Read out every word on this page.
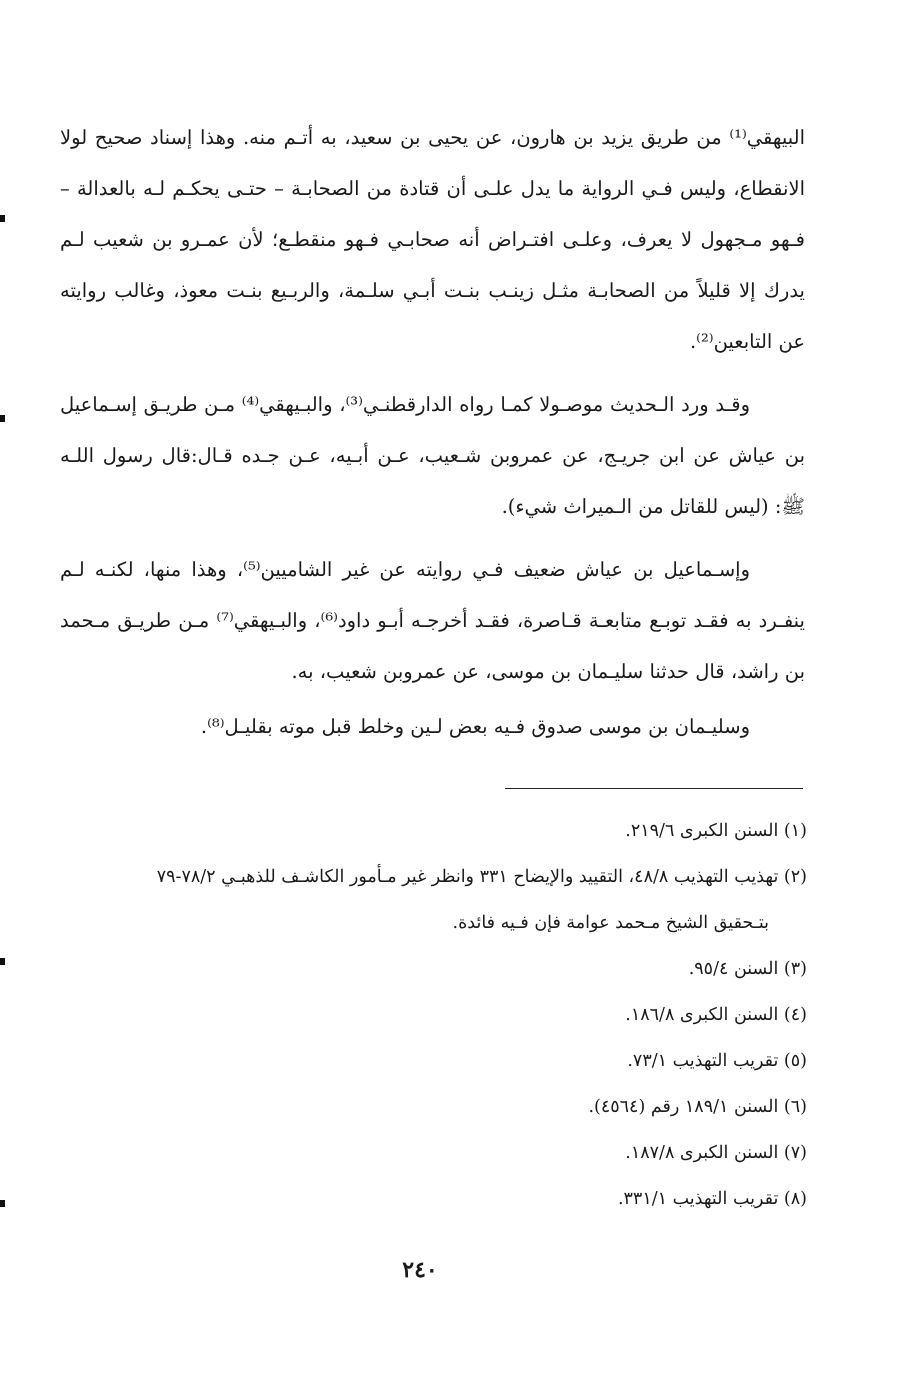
البيهقي⁽¹⁾ من طريق يزيد بن هارون، عن يحيى بن سعيد، به أتـم منه. وهذا إسناد صحيح لولا الانقطاع، وليس فـي الرواية ما يدل علـى أن قتادة من الصحابـة – حتـى يحكـم لـه بالعدالة – فـهو مـجهول لا يعرف، وعلـى افتـراض أنه صحابـي فـهو منقطـع؛ لأن عمـرو بن شعيب لـم يدرك إلا قليلاً من الصحابـة مثـل زينـب بنـت أبـي سلـمة، والربـيع بنـت معوذ، وغالب روايته عن التابعين⁽²⁾.

وقـد ورد الـحديث موصـولا كمـا رواه الدارقطنـي⁽³⁾، والبـيهقي⁽⁴⁾ مـن طريـق إسـماعيل بن عياش عن ابن جريـج، عن عمروبن شـعيب، عـن أبـيه، عـن جـده قـال:قال رسول اللـه ﷺ: (ليس للقاتل من الـميراث شيء).

وإسـماعيل بن عياش ضعيف فـي روايته عن غير الشاميين⁽⁵⁾، وهذا منها، لكنـه لـم ينفـرد به فقـد توبـع متابعـة قـاصرة، فقـد أخرجـه أبـو داود⁽⁶⁾، والبـيهقي⁽⁷⁾ مـن طريـق مـحمد بن راشد، قال حدثنا سليـمان بن موسى، عن عمروبن شعيب، به.

وسليـمان بن موسى صدوق فـيه بعض لـين وخلط قبل موته بقليـل⁽⁸⁾.

(١) السنن الكبرى ٢١٩/٦.
(٢) تهذيب التهذيب ٤٨/٨، التقييد والإيضاح ٣٣١ وانظر غير مـأمور الكاشـف للذهبـي ٧٨/٢-٧٩
بتـحقيق الشيخ مـحمد عوامة فإن فـيه فائدة.
(٣) السنن ٩٥/٤.
(٤) السنن الكبرى ١٨٦/٨.
(٥) تقريب التهذيب ٧٣/١.
(٦) السنن ١٨٩/١ رقم (٤٥٦٤).
(٧) السنن الكبرى ١٨٧/٨.
(٨) تقريب التهذيب ٣٣١/١.
٢٤٠
